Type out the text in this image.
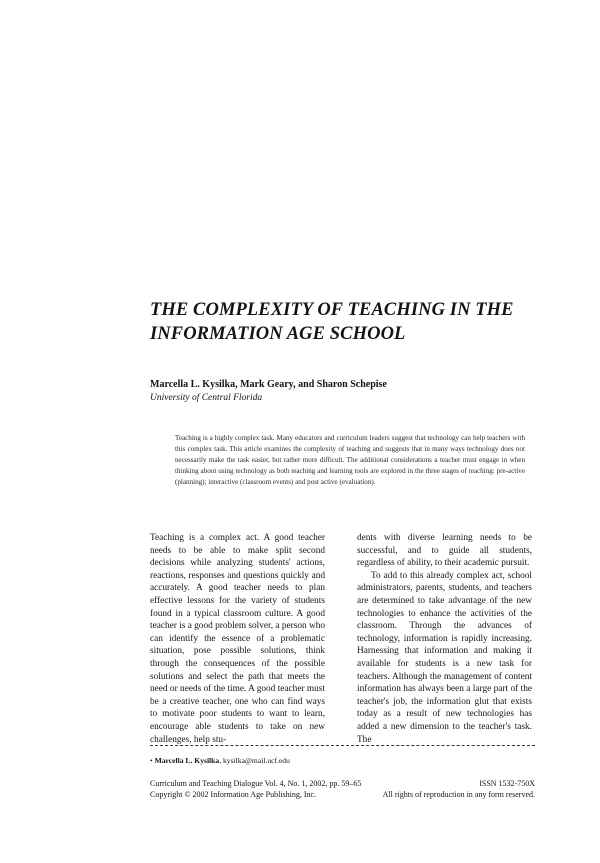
THE COMPLEXITY OF TEACHING IN THE
INFORMATION AGE SCHOOL
Marcella L. Kysilka, Mark Geary, and Sharon Schepise
University of Central Florida
Teaching is a highly complex task. Many educators and curriculum leaders suggest that technology can help teachers with this complex task. This article examines the complexity of teaching and suggests that in many ways technology does not necessarily make the task easier, but rather more difficult. The additional considerations a teacher must engage in when thinking about using technology as both teaching and learning tools are explored in the three stages of teaching: pre-active (planning); interactive (classroom events) and post active (evaluation).

Teaching is a complex act. A good teacher needs to be able to make split second decisions while analyzing students' actions, reactions, responses and questions quickly and accurately. A good teacher needs to plan effective lessons for the variety of students found in a typical classroom culture. A good teacher is a good problem solver, a person who can identify the essence of a problematic situation, pose possible solutions, think through the consequences of the possible solutions and select the path that meets the need or needs of the time. A good teacher must be a creative teacher, one who can find ways to motivate poor students to want to learn, encourage able students to take on new challenges, help stu-

dents with diverse learning needs to be successful, and to guide all students, regardless of ability, to their academic pursuit.

To add to this already complex act, school administrators, parents, students, and teachers are determined to take advantage of the new technologies to enhance the activities of the classroom. Through the advances of technology, information is rapidly increasing. Harnessing that information and making it available for students is a new task for teachers. Although the management of content information has always been a large part of the teacher's job, the information glut that exists today as a result of new technologies has added a new dimension to the teacher's task. The

• Marcella L. Kysilka, kysilka@mail.ucf.edu
Curriculum and Teaching Dialogue Vol. 4, No. 1, 2002, pp. 59–65
Copyright © 2002 Information Age Publishing, Inc.
ISSN 1532-750X
All rights of reproduction in any form reserved.
